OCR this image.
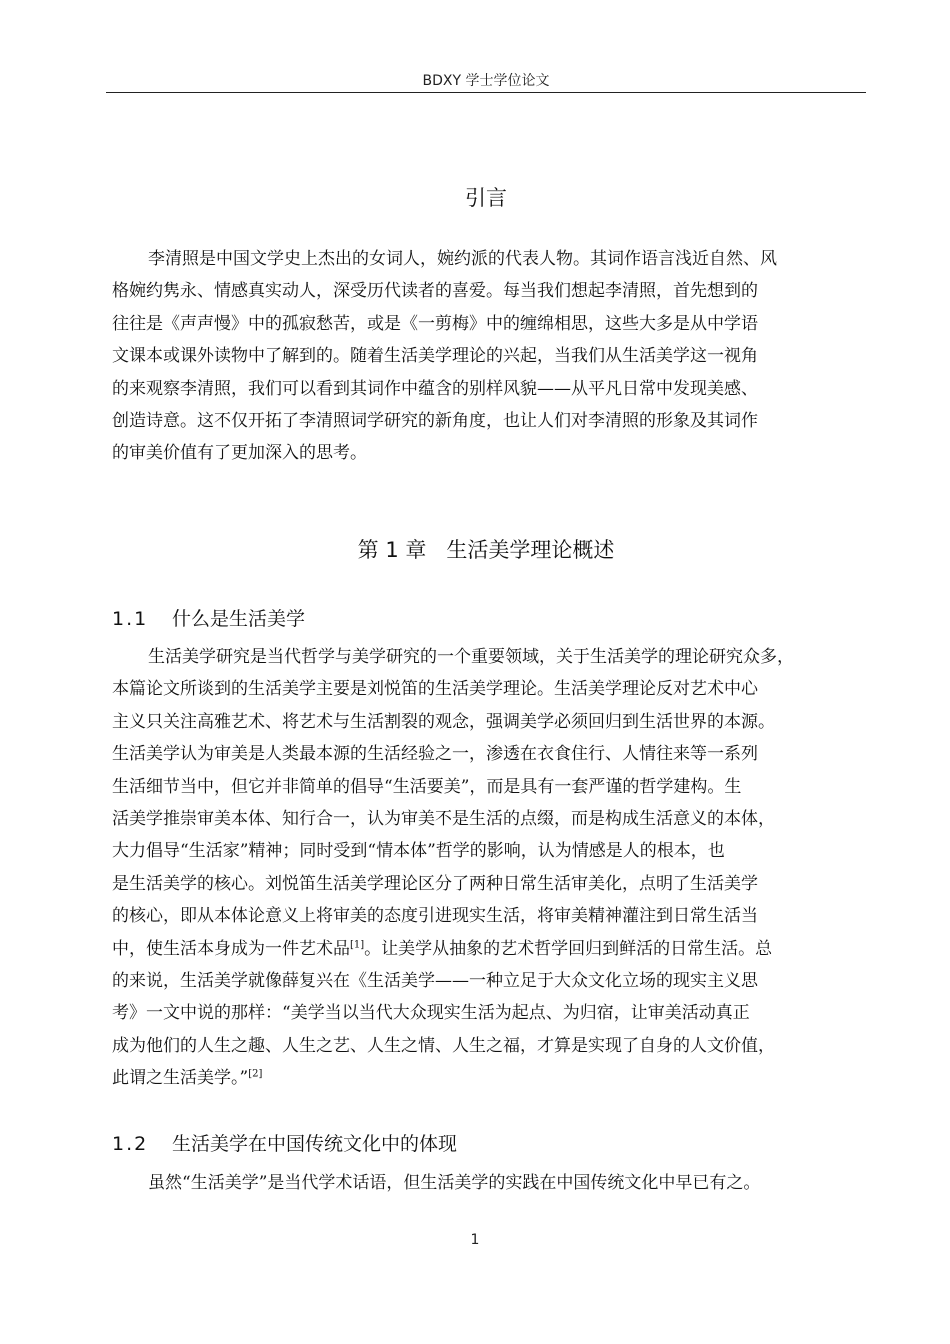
BDXY 学士学位论文
引言
李清照是中国文学史上杰出的女词人，婉约派的代表人物。其词作语言浅近自然、风
格婉约隽永、情感真实动人，深受历代读者的喜爱。每当我们想起李清照，首先想到的
往往是《声声慢》中的孤寂愁苦，或是《一剪梅》中的缠绵相思，这些大多是从中学语
文课本或课外读物中了解到的。随着生活美学理论的兴起，当我们从生活美学这一视角
的来观察李清照，我们可以看到其词作中蕴含的别样风貌——从平凡日常中发现美感、
创造诗意。这不仅开拓了李清照词学研究的新角度，也让人们对李清照的形象及其词作
的审美价值有了更加深入的思考。
第 1 章 生活美学理论概述
1.1 什么是生活美学
生活美学研究是当代哲学与美学研究的一个重要领域，关于生活美学的理论研究众多，
本篇论文所谈到的生活美学主要是刘悦笛的生活美学理论。生活美学理论反对艺术中心
主义只关注高雅艺术、将艺术与生活割裂的观念，强调美学必须回归到生活世界的本源。
生活美学认为审美是人类最本源的生活经验之一，渗透在衣食住行、人情往来等一系列
生活细节当中，但它并非简单的倡导“生活要美”，而是具有一套严谨的哲学建构。生
活美学推崇审美本体、知行合一，认为审美不是生活的点缀，而是构成生活意义的本体，
大力倡导“生活家”精神；同时受到“情本体”哲学的影响，认为情感是人的根本，也
是生活美学的核心。刘悦笛生活美学理论区分了两种日常生活审美化，点明了生活美学
的核心，即从本体论意义上将审美的态度引进现实生活，将审美精神灌注到日常生活当
中，使生活本身成为一件艺术品[1]。让美学从抽象的艺术哲学回归到鲜活的日常生活。总
的来说，生活美学就像薛复兴在《生活美学——一种立足于大众文化立场的现实主义思
考》一文中说的那样：“美学当以当代大众现实生活为起点、为归宿，让审美活动真正
成为他们的人生之趣、人生之艺、人生之情、人生之福，才算是实现了自身的人文价值，
此谓之生活美学。”[2]
1.2 生活美学在中国传统文化中的体现
虽然“生活美学”是当代学术话语，但生活美学的实践在中国传统文化中早已有之。
1
